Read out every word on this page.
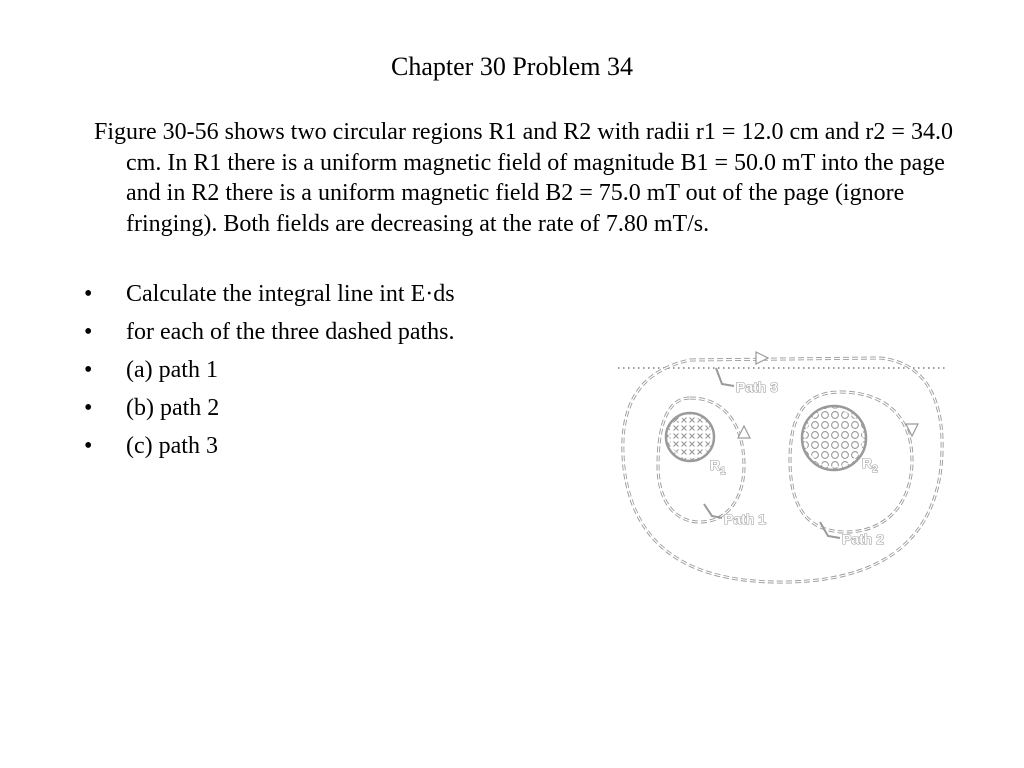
Chapter 30 Problem 34

Figure 30-56 shows two circular regions R1 and R2 with radii r1 = 12.0 cm and r2 = 34.0 cm. In R1 there is a uniform magnetic field of magnitude B1 = 50.0 mT into the page and in R2 there is a uniform magnetic field B2 = 75.0 mT out of the page (ignore fringing). Both fields are decreasing at the rate of 7.80 mT/s.

•	Calculate the integral line int E·ds
•	for each of the three dashed paths.
•	(a) path 1
•	(b) path 2
•	(c) path 3
Path 3
Path 1
Path 2
$R_1$
$R_2$
